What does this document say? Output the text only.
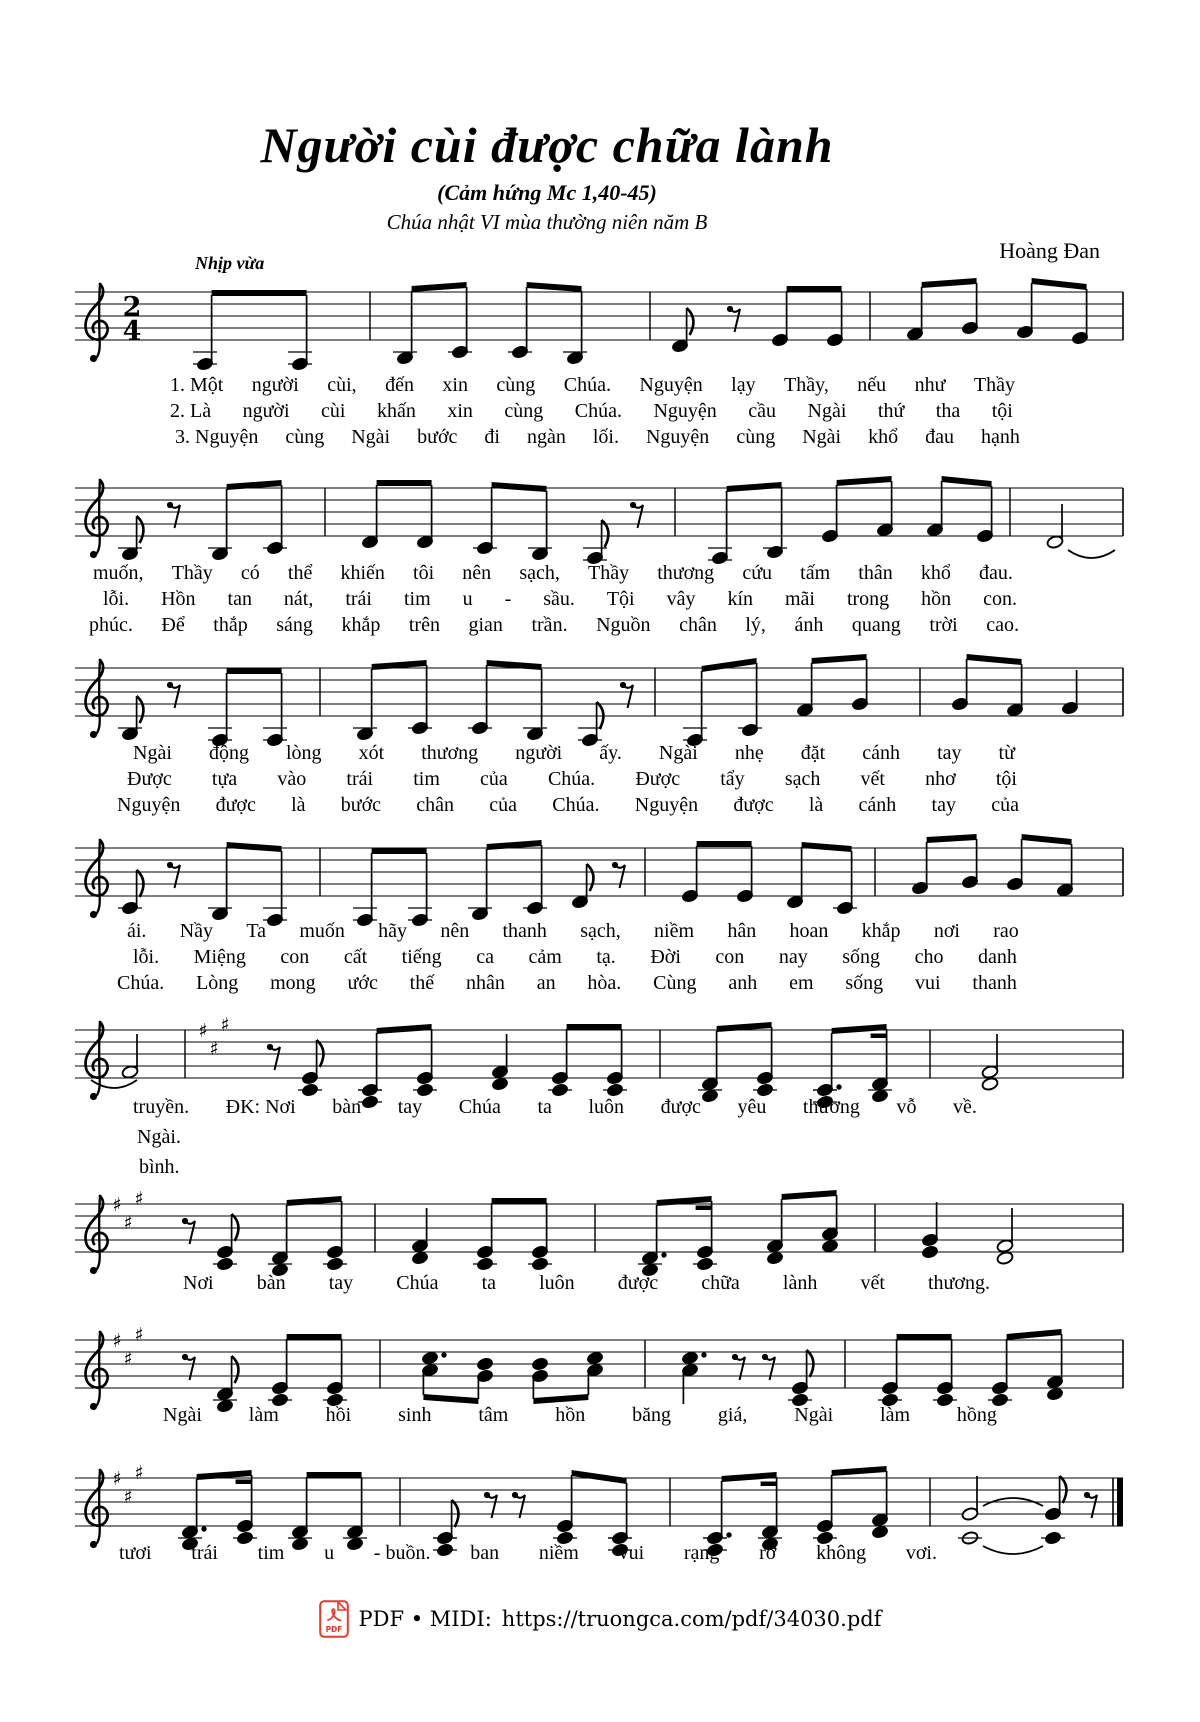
Người cùi được chữa lành
(Cảm hứng Mc 1,40-45)
Chúa nhật VI mùa thường niên năm B
Hoàng Đan
Nhịp vừa
2
4
♯
♯
♯
♯
♯
♯
♯
♯
♯
♯
♯
♯
1. Một người cùi, đến xin cùng Chúa. Nguyện lạy Thầy, nếu như Thầy
2. Là người cùi khấn xin cùng Chúa. Nguyện cầu Ngài thứ tha tội
3. Nguyện cùng Ngài bước đi ngàn lối. Nguyện cùng Ngài khổ đau hạnh
muốn, Thầy có thể khiến tôi nên sạch, Thầy thương cứu tấm thân khổ đau.
lỗi. Hồn tan nát, trái tim u - sầu. Tội vây kín mãi trong hồn con.
phúc. Để thắp sáng khắp trên gian trần. Nguồn chân lý, ánh quang trời cao.
Ngài động lòng xót thương người ấy. Ngài nhẹ đặt cánh tay từ
Được tựa vào trái tim của Chúa. Được tẩy sạch vết nhơ tội
Nguyện được là bước chân của Chúa. Nguyện được là cánh tay của
ái. Nầy Ta muốn hãy nên thanh sạch, niềm hân hoan khắp nơi rao
lỗi. Miệng con cất tiếng ca cảm tạ. Đời con nay sống cho danh
Chúa. Lòng mong ước thế nhân an hòa. Cùng anh em sống vui thanh
truyền. ĐK: Nơi bàn tay Chúa ta luôn được yêu thương vỗ về.
Ngài.
bình.
Nơi bàn tay Chúa ta luôn được chữa lành vết thương.
Ngài làm hồi sinh tâm hồn băng giá, Ngài làm hồng
tươi trái tim u - buồn. ban niềm vui rạng rỡ không vơi.
PDF PDF • MIDI: https://truongca.com/pdf/34030.pdf
